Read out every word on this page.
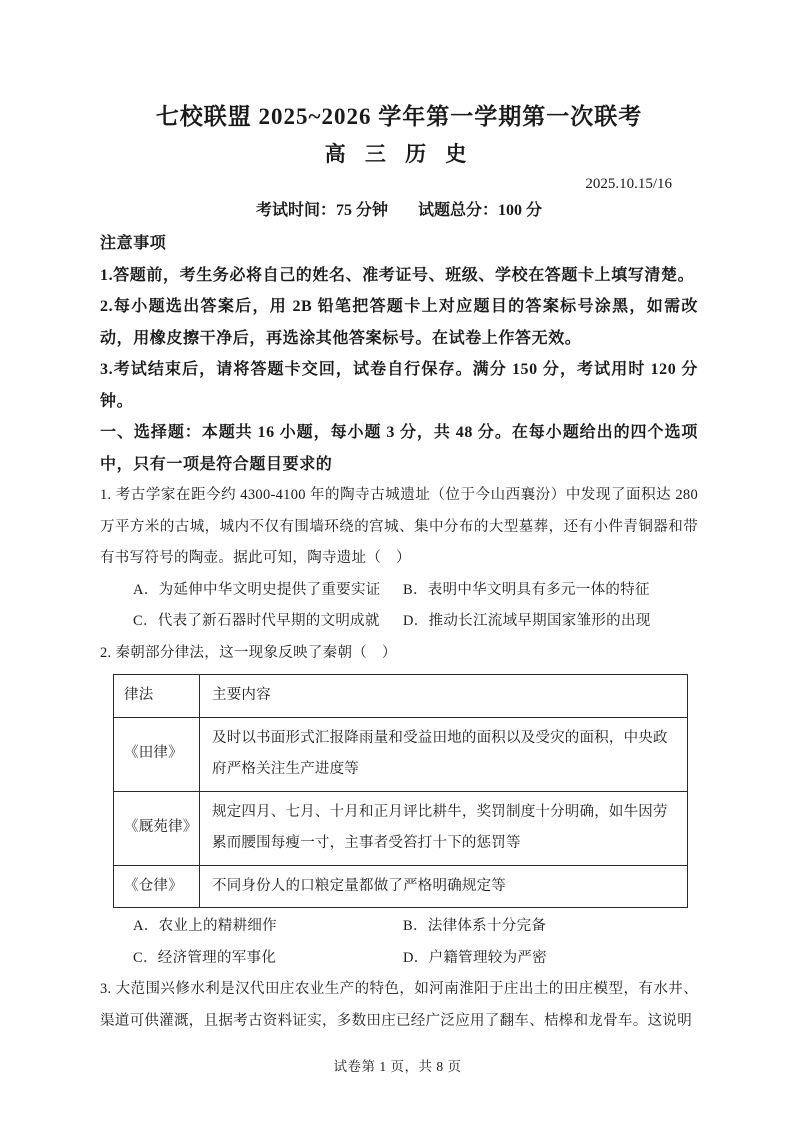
七校联盟 2025~2026 学年第一学期第一次联考

高 三 历 史

2025.10.15/16

考试时间：75 分钟 试题总分：100 分

注意事项

1.答题前，考生务必将自己的姓名、准考证号、班级、学校在答题卡上填写清楚。

2.每小题选出答案后，用 2B 铅笔把答题卡上对应题目的答案标号涂黑，如需改动，用橡皮擦干净后，再选涂其他答案标号。在试卷上作答无效。

3.考试结束后，请将答题卡交回，试卷自行保存。满分 150 分，考试用时 120 分钟。

一、选择题：本题共 16 小题，每小题 3 分，共 48 分。在每小题给出的四个选项中，只有一项是符合题目要求的

1. 考古学家在距今约 4300-4100 年的陶寺古城遗址（位于今山西襄汾）中发现了面积达 280 万平方米的古城，城内不仅有围墙环绕的宫城、集中分布的大型墓葬，还有小件青铜器和带有书写符号的陶壶。据此可知，陶寺遗址（　）

A．为延伸中华文明史提供了重要实证	B．表明中华文明具有多元一体的特征
C．代表了新石器时代早期的文明成就	D．推动长江流域早期国家雏形的出现

2. 秦朝部分律法，这一现象反映了秦朝（　）

律法	主要内容
《田律》	及时以书面形式汇报降雨量和受益田地的面积以及受灾的面积，中央政府严格关注生产进度等
《厩苑律》	规定四月、七月、十月和正月评比耕牛，奖罚制度十分明确，如牛因劳累而腰围每瘦一寸，主事者受笞打十下的惩罚等
《仓律》	不同身份人的口粮定量都做了严格明确规定等
A．农业上的精耕细作	B．法律体系十分完备
C．经济管理的军事化	D．户籍管理较为严密

3. 大范围兴修水利是汉代田庄农业生产的特色，如河南淮阳于庄出土的田庄模型，有水井、渠道可供灌溉，且据考古资料证实，多数田庄已经广泛应用了翻车、桔槔和龙骨车。这说明

试卷第 1 页，共 8 页
